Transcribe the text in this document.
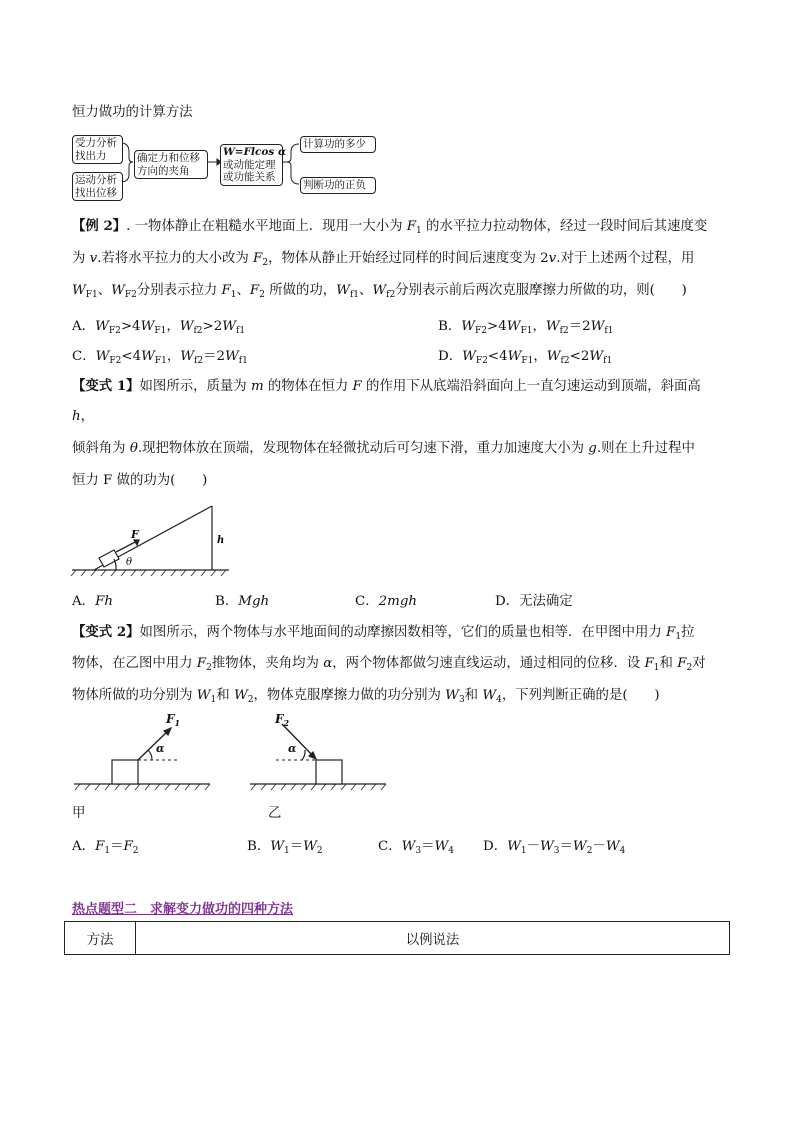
恒力做功的计算方法
受力分析
找出力
运动分析
找出位移
确定力和位移
方向的夹角
W=Flcos α
或动能定理
或功能关系
计算功的多少
判断功的正负
【例 2】. 一物体静止在粗糙水平地面上．现用一大小为 $F_1$ 的水平拉力拉动物体，经过一段时间后其速度变
为 v.若将水平拉力的大小改为 $F_2$，物体从静止开始经过同样的时间后速度变为 2v.对于上述两个过程，用
$W_{F1}$、$W_{F2}$分别表示拉力 $F_1$、$F_2$ 所做的功，$W_{f1}$、$W_{f2}$分别表示前后两次克服摩擦力所做的功，则(　　)
A．$W_{F2}>4W_{F1}$，$W_{f2}>2W_{f1}$	B．$W_{F2}>4W_{F1}$，$W_{f2}=2W_{f1}$
C．$W_{F2}<4W_{F1}$，$W_{f2}=2W_{f1}$	D．$W_{F2}<4W_{F1}$，$W_{f2}<2W_{f1}$
【变式 1】如图所示，质量为 m 的物体在恒力 F 的作用下从底端沿斜面向上一直匀速运动到顶端，斜面高
h，
倾斜角为 θ.现把物体放在顶端，发现物体在轻微扰动后可匀速下滑，重力加速度大小为 g.则在上升过程中
恒力 F 做的功为(　　)
F
θ
h
A．Fh	B．Mgh	C．2mgh	D．无法确定
【变式 2】如图所示，两个物体与水平地面间的动摩擦因数相等，它们的质量也相等．在甲图中用力 $F_1$拉
物体，在乙图中用力 $F_2$推物体，夹角均为 α，两个物体都做匀速直线运动，通过相同的位移．设 $F_1$和 $F_2$对
物体所做的功分别为 $W_1$和 $W_2$，物体克服摩擦力做的功分别为 $W_3$和 $W_4$，下列判断正确的是(　　)
$F_1$
α
$F_2$
α
甲	乙
A．$F_1=F_2$	B．$W_1=W_2$	C．$W_3=W_4$ D．$W_1-W_3=W_2-W_4$
热点题型二　求解变力做功的四种方法
方法	以例说法
